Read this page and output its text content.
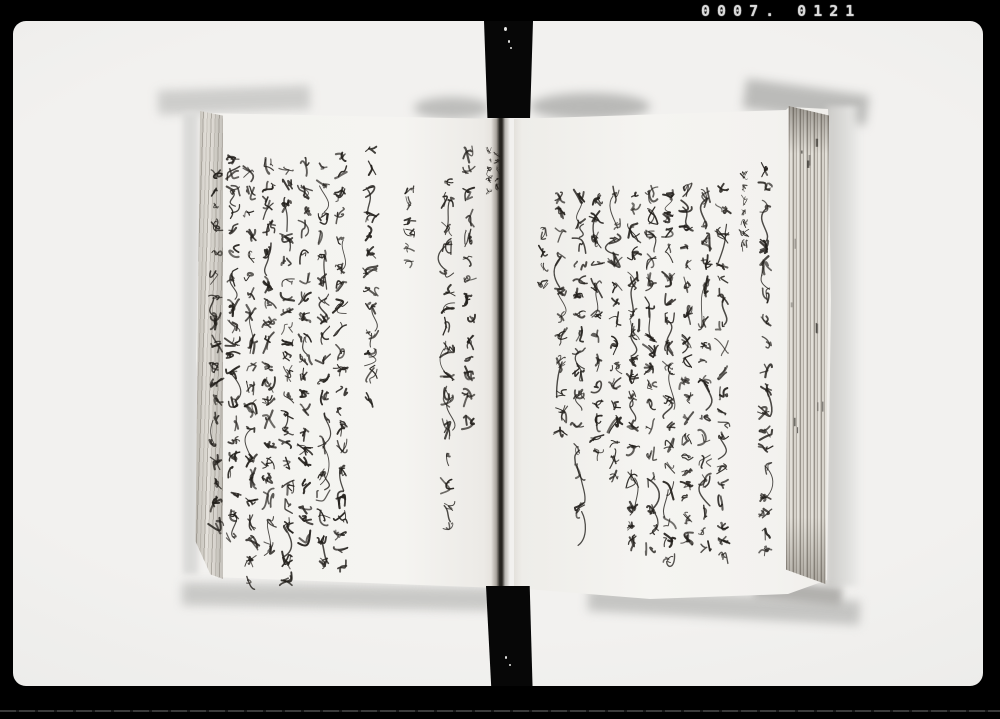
0007. 0121
